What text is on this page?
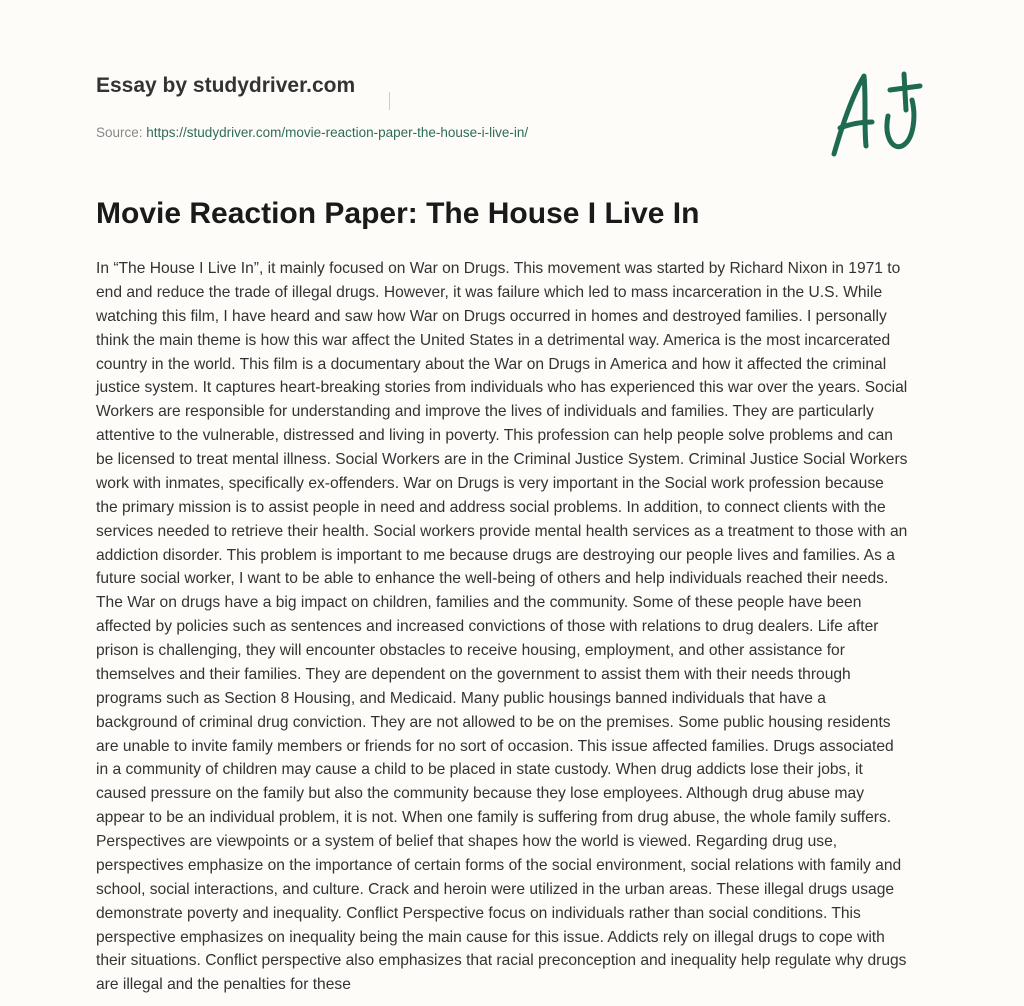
Essay by studydriver.com
Source: https://studydriver.com/movie-reaction-paper-the-house-i-live-in/
Movie Reaction Paper: The House I Live In
In “The House I Live In”, it mainly focused on War on Drugs. This movement was started by Richard Nixon in 1971 to
end and reduce the trade of illegal drugs. However, it was failure which led to mass incarceration in the U.S. While
watching this film, I have heard and saw how War on Drugs occurred in homes and destroyed families. I personally
think the main theme is how this war affect the United States in a detrimental way. America is the most incarcerated
country in the world. This film is a documentary about the War on Drugs in America and how it affected the criminal
justice system. It captures heart-breaking stories from individuals who has experienced this war over the years. Social
Workers are responsible for understanding and improve the lives of individuals and families. They are particularly
attentive to the vulnerable, distressed and living in poverty. This profession can help people solve problems and can
be licensed to treat mental illness. Social Workers are in the Criminal Justice System. Criminal Justice Social Workers
work with inmates, specifically ex-offenders. War on Drugs is very important in the Social work profession because
the primary mission is to assist people in need and address social problems. In addition, to connect clients with the
services needed to retrieve their health. Social workers provide mental health services as a treatment to those with an
addiction disorder. This problem is important to me because drugs are destroying our people lives and families. As a
future social worker, I want to be able to enhance the well-being of others and help individuals reached their needs.
The War on drugs have a big impact on children, families and the community. Some of these people have been
affected by policies such as sentences and increased convictions of those with relations to drug dealers. Life after
prison is challenging, they will encounter obstacles to receive housing, employment, and other assistance for
themselves and their families. They are dependent on the government to assist them with their needs through
programs such as Section 8 Housing, and Medicaid. Many public housings banned individuals that have a
background of criminal drug conviction. They are not allowed to be on the premises. Some public housing residents
are unable to invite family members or friends for no sort of occasion. This issue affected families. Drugs associated
in a community of children may cause a child to be placed in state custody. When drug addicts lose their jobs, it
caused pressure on the family but also the community because they lose employees. Although drug abuse may
appear to be an individual problem, it is not. When one family is suffering from drug abuse, the whole family suffers.
Perspectives are viewpoints or a system of belief that shapes how the world is viewed. Regarding drug use,
perspectives emphasize on the importance of certain forms of the social environment, social relations with family and
school, social interactions, and culture. Crack and heroin were utilized in the urban areas. These illegal drugs usage
demonstrate poverty and inequality. Conflict Perspective focus on individuals rather than social conditions. This
perspective emphasizes on inequality being the main cause for this issue. Addicts rely on illegal drugs to cope with
their situations. Conflict perspective also emphasizes that racial preconception and inequality help regulate why drugs
are illegal and the penalties for these
